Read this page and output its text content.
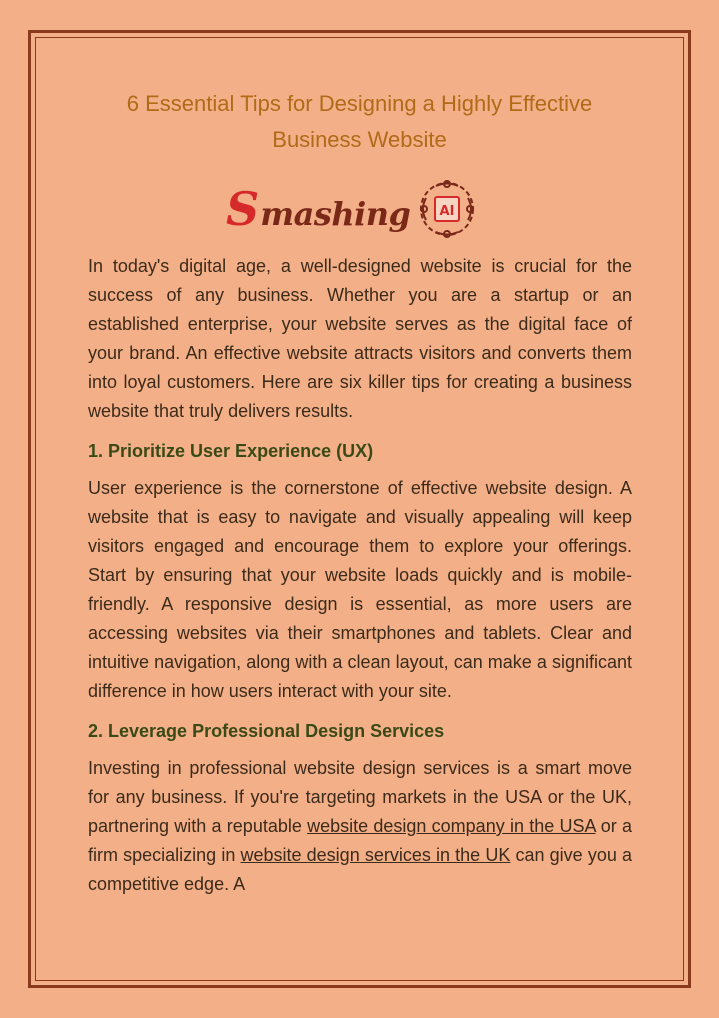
6 Essential Tips for Designing a Highly Effective
Business Website
S mashing AI

In today's digital age, a well-designed website is crucial for the success of any business. Whether you are a startup or an established enterprise, your website serves as the digital face of your brand. An effective website attracts visitors and converts them into loyal customers. Here are six killer tips for creating a business website that truly delivers results.

1. Prioritize User Experience (UX)

User experience is the cornerstone of effective website design. A website that is easy to navigate and visually appealing will keep visitors engaged and encourage them to explore your offerings. Start by ensuring that your website loads quickly and is mobile-friendly. A responsive design is essential, as more users are accessing websites via their smartphones and tablets. Clear and intuitive navigation, along with a clean layout, can make a significant difference in how users interact with your site.

2. Leverage Professional Design Services

Investing in professional website design services is a smart move for any business. If you're targeting markets in the USA or the UK, partnering with a reputable website design company in the USA or a firm specializing in website design services in the UK can give you a competitive edge. A
